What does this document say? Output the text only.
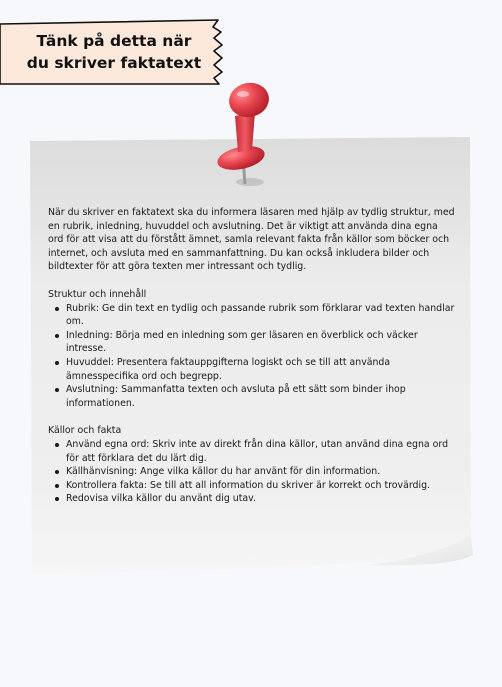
Tänk på detta när
du skriver faktatext

När du skriver en faktatext ska du informera läsaren med hjälp av tydlig struktur, med en rubrik, inledning, huvuddel och avslutning. Det är viktigt att använda dina egna ord för att visa att du förstått ämnet, samla relevant fakta från källor som böcker och internet, och avsluta med en sammanfattning. Du kan också inkludera bilder och bildtexter för att göra texten mer intressant och tydlig.

Struktur och innehåll

Rubrik: Ge din text en tydlig och passande rubrik som förklarar vad texten handlar om.
Inledning: Börja med en inledning som ger läsaren en överblick och väcker intresse.
Huvuddel: Presentera faktauppgifterna logiskt och se till att använda ämnesspecifika ord och begrepp.
Avslutning: Sammanfatta texten och avsluta på ett sätt som binder ihop informationen.

Källor och fakta

Använd egna ord: Skriv inte av direkt från dina källor, utan använd dina egna ord för att förklara det du lärt dig.
Källhänvisning: Ange vilka källor du har använt för din information.
Kontrollera fakta: Se till att all information du skriver är korrekt och trovärdig.
Redovisa vilka källor du använt dig utav.
